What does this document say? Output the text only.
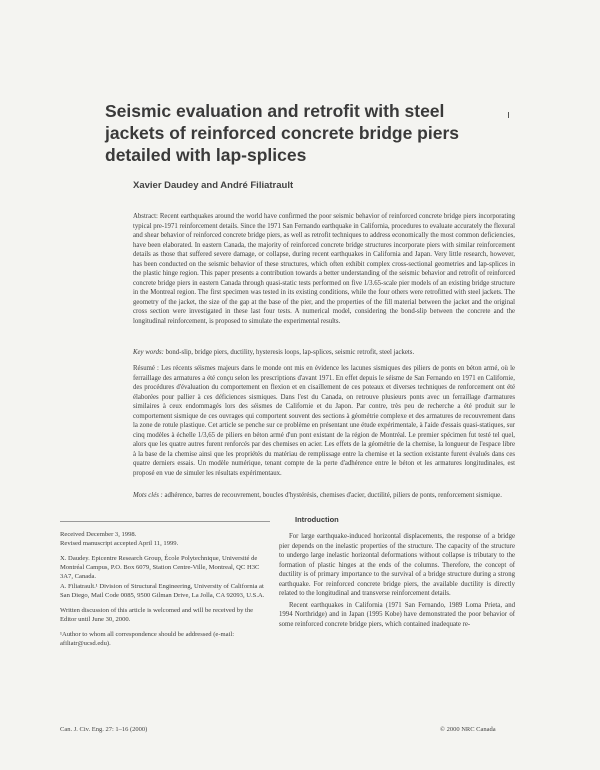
Seismic evaluation and retrofit with steel jackets of reinforced concrete bridge piers detailed with lap-splices
Xavier Daudey and André Filiatrault
Abstract: Recent earthquakes around the world have confirmed the poor seismic behavior of reinforced concrete bridge piers incorporating typical pre-1971 reinforcement details. Since the 1971 San Fernando earthquake in California, procedures to evaluate accurately the flexural and shear behavior of reinforced concrete bridge piers, as well as retrofit techniques to address economically the most common deficiencies, have been elaborated. In eastern Canada, the majority of reinforced concrete bridge structures incorporate piers with similar reinforcement details as those that suffered severe damage, or collapse, during recent earthquakes in California and Japan. Very little research, however, has been conducted on the seismic behavior of these structures, which often exhibit complex cross-sectional geometries and lap-splices in the plastic hinge region. This paper presents a contribution towards a better understanding of the seismic behavior and retrofit of reinforced concrete bridge piers in eastern Canada through quasi-static tests performed on five 1/3.65-scale pier models of an existing bridge structure in the Montreal region. The first specimen was tested in its existing conditions, while the four others were retrofitted with steel jackets. The geometry of the jacket, the size of the gap at the base of the pier, and the properties of the fill material between the jacket and the original cross section were investigated in these last four tests. A numerical model, considering the bond-slip between the concrete and the longitudinal reinforcement, is proposed to simulate the experimental results.
Key words: bond-slip, bridge piers, ductility, hysteresis loops, lap-splices, seismic retrofit, steel jackets.
Résumé : Les récents séismes majeurs dans le monde ont mis en évidence les lacunes sismiques des piliers de ponts en béton armé, où le ferraillage des armatures a été conçu selon les prescriptions d'avant 1971. En effet depuis le séisme de San Fernando en 1971 en Californie, des procédures d'évaluation du comportement en flexion et en cisaillement de ces poteaux et diverses techniques de renforcement ont été élaborées pour pallier à ces déficiences sismiques. Dans l'est du Canada, on retrouve plusieurs ponts avec un ferraillage d'armatures similaires à ceux endommagés lors des séismes de Californie et du Japon. Par contre, très peu de recherche a été produit sur le comportement sismique de ces ouvrages qui comportent souvent des sections à géométrie complexe et des armatures de recouvrement dans la zone de rotule plastique. Cet article se penche sur ce problème en présentant une étude expérimentale, à l'aide d'essais quasi-statiques, sur cinq modèles à échelle 1/3,65 de piliers en béton armé d'un pont existant de la région de Montréal. Le premier spécimen fut testé tel quel, alors que les quatre autres furent renforcés par des chemises en acier. Les effets de la géométrie de la chemise, la longueur de l'espace libre à la base de la chemise ainsi que les propriétés du matériau de remplissage entre la chemise et la section existante furent évalués dans ces quatre derniers essais. Un modèle numérique, tenant compte de la perte d'adhérence entre le béton et les armatures longitudinales, est proposé en vue de simuler les résultats expérimentaux.
Mots clés : adhérence, barres de recouvrement, boucles d'hystérésis, chemises d'acier, ductilité, piliers de ponts, renforcement sismique.
Introduction

For large earthquake-induced horizontal displacements, the response of a bridge pier depends on the inelastic properties of the structure. The capacity of the structure to undergo large inelastic horizontal deformations without collapse is tributary to the formation of plastic hinges at the ends of the columns. Therefore, the concept of ductility is of primary importance to the survival of a bridge structure during a strong earthquake. For reinforced concrete bridge piers, the available ductility is directly related to the longitudinal and transverse reinforcement details.

Recent earthquakes in California (1971 San Fernando, 1989 Loma Prieta, and 1994 Northridge) and in Japan (1995 Kobe) have demonstrated the poor behavior of some reinforced concrete bridge piers, which contained inadequate re-

Received December 3, 1998.

Revised manuscript accepted April 11, 1999.

X. Daudey. Epicentre Research Group, École Polytechnique, Université de Montréal Campus, P.O. Box 6079, Station Centre-Ville, Montreal, QC H3C 3A7, Canada.

A. Filiatrault.¹ Division of Structural Engineering, University of California at San Diego, Mail Code 0085, 9500 Gilman Drive, La Jolla, CA 92093, U.S.A.

Written discussion of this article is welcomed and will be received by the Editor until June 30, 2000.

¹Author to whom all correspondence should be addressed (e-mail: afiliatr@ucsd.edu).

Can. J. Civ. Eng. 27: 1–16 (2000)	© 2000 NRC Canada
